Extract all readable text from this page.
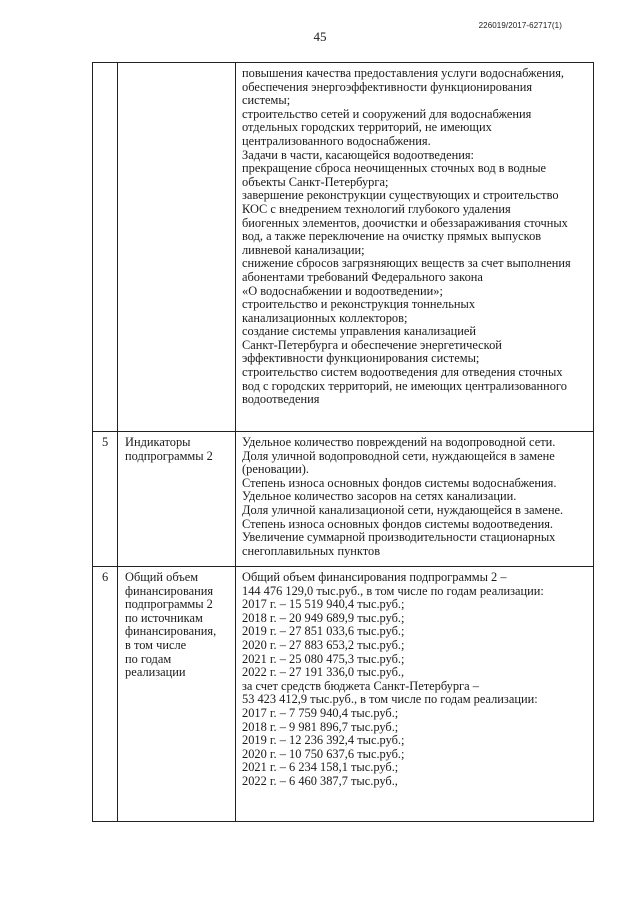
226019/2017-62717(1)
45
повышения качества предоставления услуги водоснабжения,
обеспечения энергоэффективности функционирования
системы;
строительство сетей и сооружений для водоснабжения
отдельных городских территорий, не имеющих
централизованного водоснабжения.
Задачи в части, касающейся водоотведения:
прекращение сброса неочищенных сточных вод в водные
объекты Санкт-Петербурга;
завершение реконструкции существующих и строительство
КОС с внедрением технологий глубокого удаления
биогенных элементов, доочистки и обеззараживания сточных
вод, а также переключение на очистку прямых выпусков
ливневой канализации;
снижение сбросов загрязняющих веществ за счет выполнения
абонентами требований Федерального закона
«О водоснабжении и водоотведении»;
строительство и реконструкция тоннельных
канализационных коллекторов;
создание системы управления канализацией
Санкт-Петербурга и обеспечение энергетической
эффективности функционирования системы;
строительство систем водоотведения для отведения сточных
вод с городских территорий, не имеющих централизованного
водоотведения
5 Индикаторы
подпрограммы 2
Удельное количество повреждений на водопроводной сети.
Доля уличной водопроводной сети, нуждающейся в замене
(реновации).
Степень износа основных фондов системы водоснабжения.
Удельное количество засоров на сетях канализации.
Доля уличной канализационой сети, нуждающейся в замене.
Степень износа основных фондов системы водоотведения.
Увеличение суммарной производительности стационарных
снегоплавильных пунктов
6 Общий объем
финансирования
подпрограммы 2
по источникам
финансирования,
в том числе
по годам
реализации
Общий объем финансирования подпрограммы 2 –
144 476 129,0 тыс.руб., в том числе по годам реализации:
2017 г. – 15 519 940,4 тыс.руб.;
2018 г. – 20 949 689,9 тыс.руб.;
2019 г. – 27 851 033,6 тыс.руб.;
2020 г. – 27 883 653,2 тыс.руб.;
2021 г. – 25 080 475,3 тыс.руб.;
2022 г. – 27 191 336,0 тыс.руб.,
за счет средств бюджета Санкт-Петербурга –
53 423 412,9 тыс.руб., в том числе по годам реализации:
2017 г. – 7 759 940,4 тыс.руб.;
2018 г. – 9 981 896,7 тыс.руб.;
2019 г. – 12 236 392,4 тыс.руб.;
2020 г. – 10 750 637,6 тыс.руб.;
2021 г. – 6 234 158,1 тыс.руб.;
2022 г. – 6 460 387,7 тыс.руб.,
